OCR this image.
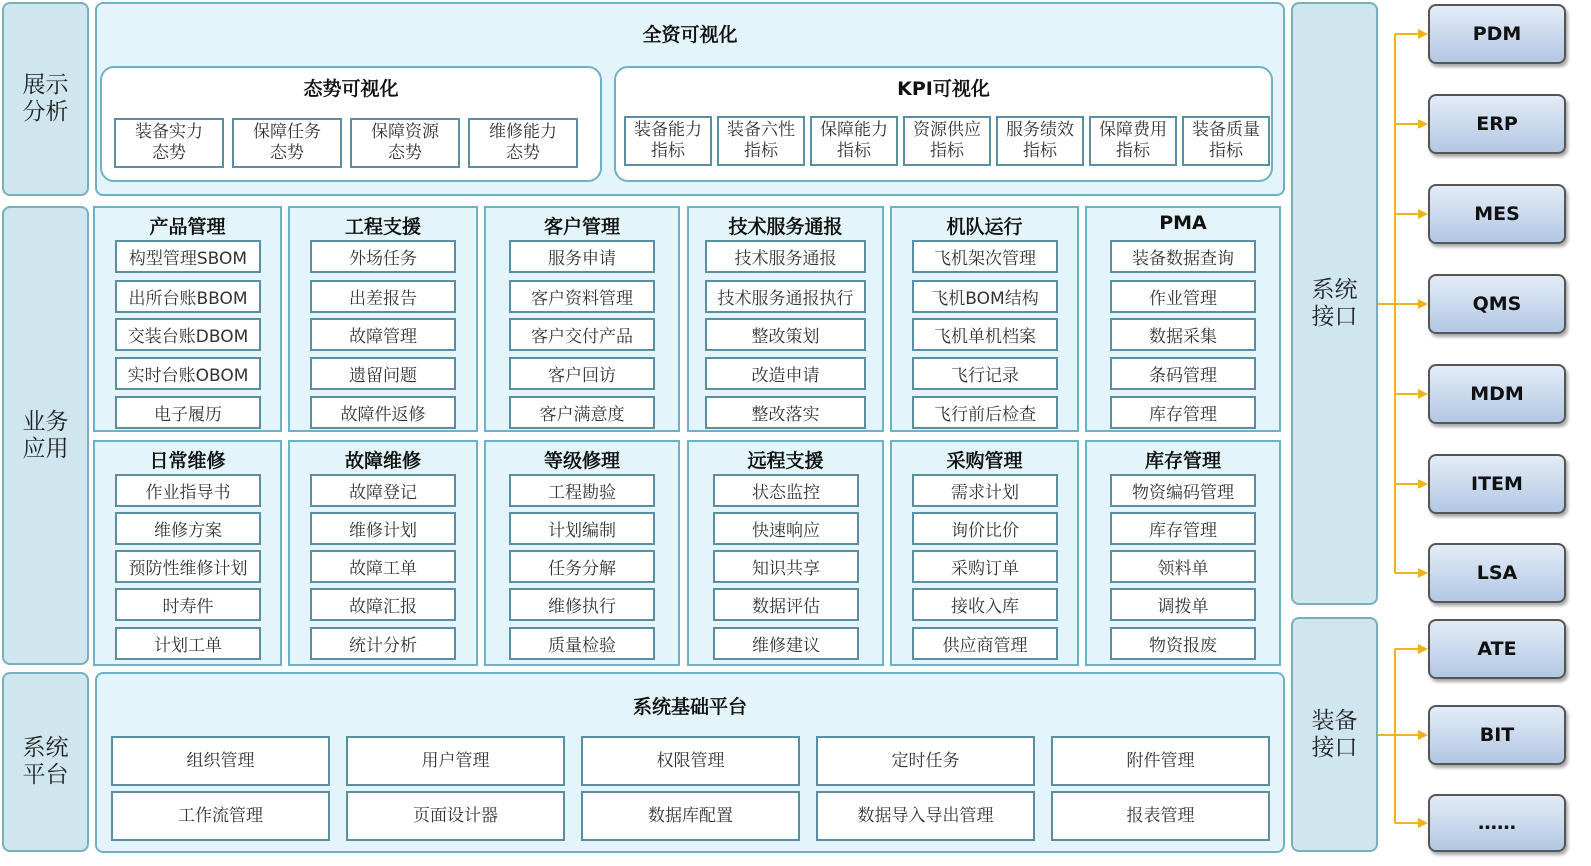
展示分析
业务应用
系统平台
全资可视化
态势可视化
装备实力态势
保障任务态势
保障资源态势
维修能力态势
KPI可视化
装备能力指标
装备六性指标
保障能力指标
资源供应指标
服务绩效指标
保障费用指标
装备质量指标
产品管理
构型管理SBOM
出所台账BBOM
交装台账DBOM
实时台账OBOM
电子履历
工程支援
外场任务
出差报告
故障管理
遗留问题
故障件返修
客户管理
服务申请
客户资料管理
客户交付产品
客户回访
客户满意度
技术服务通报
技术服务通报
技术服务通报执行
整改策划
改造申请
整改落实
机队运行
飞机架次管理
飞机BOM结构
飞机单机档案
飞行记录
飞行前后检查
PMA
装备数据查询
作业管理
数据采集
条码管理
库存管理
日常维修
作业指导书
维修方案
预防性维修计划
时寿件
计划工单
故障维修
故障登记
维修计划
故障工单
故障汇报
统计分析
等级修理
工程勘验
计划编制
任务分解
维修执行
质量检验
远程支援
状态监控
快速响应
知识共享
数据评估
维修建议
采购管理
需求计划
询价比价
采购订单
接收入库
供应商管理
库存管理
物资编码管理
库存管理
领料单
调拨单
物资报废
系统基础平台
组织管理	用户管理	权限管理	定时任务	附件管理
工作流管理	页面设计器	数据库配置	数据导入导出管理	报表管理
系统接口
装备接口
PDM
ERP
MES
QMS
MDM
ITEM
LSA
ATE
BIT
……
